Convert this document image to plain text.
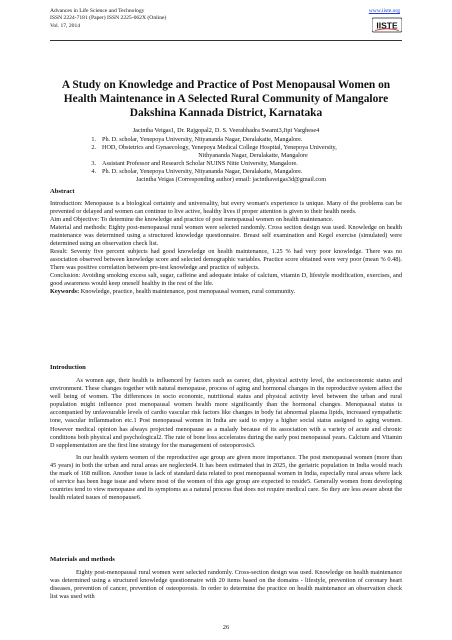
Advances in Life Science and Technology
ISSN 2224-7181 (Paper) ISSN 2225-062X (Online)
Vol. 17, 2014
www.iiste.org
IISTE
A Study on Knowledge and Practice of Post Menopausal Women on Health Maintenance in A Selected Rural Community of Mangalore Dakshina Kannada District, Karnataka
Jacintha Veigas1, Dr. Rajgopal2, D. S. Veerabhadra Swami3,Jipi Varghese4
1. Ph. D. scholar, Yenepoya University, Nityananda Nagar, Deralakatte, Mangalore.
2. HOD, Obstetrics and Gynaecology, Yenepoya Medical College Hospital, Yenepoya University,
Nithyananda Nagar, Deralakatte, Mangalore
3. Assistant Professor and Research Scholar NUINS Nitte University, Mangalore.
4. Ph. D. scholar, Yenepoya University, Nityananda Nagar, Deralakatte, Mangalore.
Jacintha Veigas (Corresponding author) email: jacinthaveigas3d@gmail.com
Abstract

Introduction: Menopause is a biological certainty and universality, but every woman's experience is unique. Many of the problems can be prevented or delayed and women can continue to live active, healthy lives if proper attention is given to their health needs.

Aim and Objective: To determine the knowledge and practice of post menopausal women on health maintenance.

Material and methods: Eighty post-menopausal rural women were selected randomly. Cross section design was used. Knowledge on health maintenance was determined using a structured knowledge questionnaire. Breast self examination and Kegel exercise (simulated) were determined using an observation check list.

Result: Seventy five percent subjects had good knowledge on health maintenance, 1.25 % had very poor knowledge. There was no association observed between knowledge score and selected demographic variables. Practice score obtained were very poor (mean % 0.48). There was positive correlation between pre-test knowledge and practice of subjects.

Conclusion: Avoiding smoking excess salt, sugar, caffeine and adequate intake of calcium, vitamin D, lifestyle modification, exercises, and good awareness would keep oneself healthy in the rest of the life.

Keywords: Knowledge, practice, health maintenance, post menopausal women, rural community.

Introduction

As women age, their health is influenced by factors such as career, diet, physical activity level, the socioeconomic status and environment. These changes together with natural menopause, process of aging and hormonal changes in the reproductive system affect the well being of women. The differences in socio economic, nutritional status and physical activity level between the urban and rural population might influence post menopausal women health more significantly than the hormonal changes. Menopausal status is accompanied by unfavourable levels of cardio vascular risk factors like changes in body fat abnormal plasma lipids, increased sympathetic tone, vascular inflammation etc.1 Post menopausal women in India are said to enjoy a higher social status assigned to aging women. However medical opinion has always projected menopause as a malady because of its association with a variety of acute and chronic conditions both physical and psychological2. The rate of bone loss accelerates during the early post menopausal years. Calcium and Vitamin D supplementation are the first line strategy for the management of osteoporosis3.

In our health system women of the reproductive age group are given more importance. The post menopausal women (more than 45 years) in both the urban and rural areas are neglected4. It has been estimated that in 2025, the geriatric population in India would reach the mark of 168 million. Another issue is lack of standard data related to post menopausal women in India, especially rural areas where lack of service has been huge issue and where most of the women of this age group are expected to reside5. Generally women from developing countries tend to view menopause and its symptoms as a natural process that does not require medical care. So they are less aware about the health related issues of menopause6.

Materials and methods

Eighty post-menopausal rural women were selected randomly. Cross-section design was used. Knowledge on health maintenance was determined using a structured knowledge questionnaire with 20 items based on the domains - lifestyle, prevention of coronary heart diseases, prevention of cancer, prevention of osteoporosis. In order to determine the practice on health maintenance an observation check list was used with

26
